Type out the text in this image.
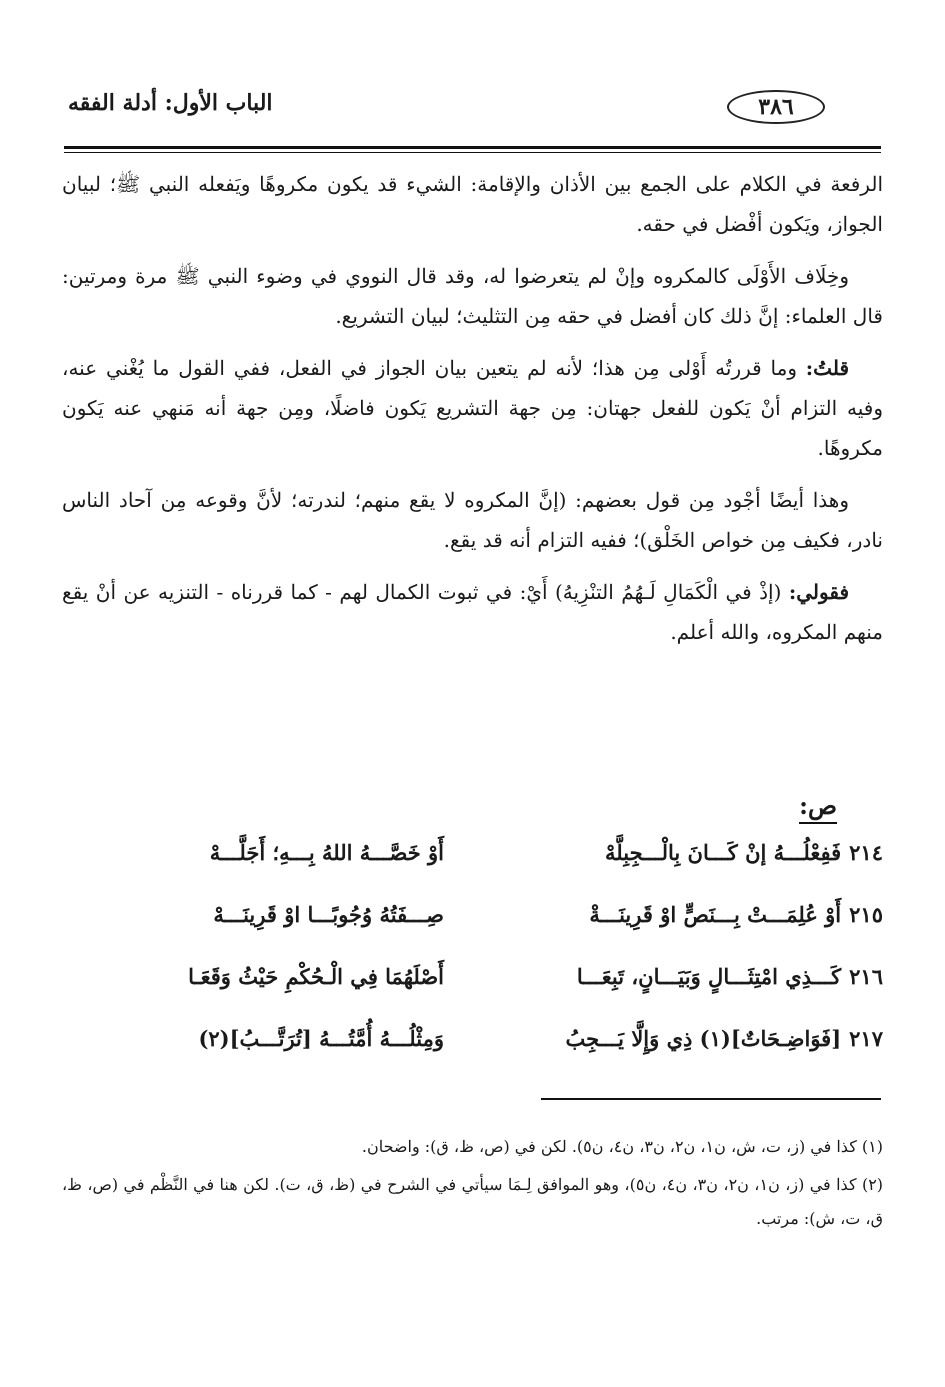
٣٨٦
الباب الأول: أدلة الفقه

الرفعة في الكلام على الجمع بين الأذان والإقامة: الشيء قد يكون مكروهًا ويَفعله النبي ﷺ؛ لبيان الجواز، ويَكون أفْضل في حقه.

وخِلَاف الأَوْلَى كالمكروه وإنْ لم يتعرضوا له، وقد قال النووي في وضوء النبي ﷺ مرة ومرتين: قال العلماء: إنَّ ذلك كان أفضل في حقه مِن التثليث؛ لبيان التشريع.

قلتُ: وما قررتُه أَوْلى مِن هذا؛ لأنه لم يتعين بيان الجواز في الفعل، ففي القول ما يُغْني عنه، وفيه التزام أنْ يَكون للفعل جهتان: مِن جهة التشريع يَكون فاضلًا، ومِن جهة أنه مَنهي عنه يَكون مكروهًا.

وهذا أيضًا أجْود مِن قول بعضهم: (إنَّ المكروه لا يقع منهم؛ لندرته؛ لأنَّ وقوعه مِن آحاد الناس نادر، فكيف مِن خواص الخَلْق)؛ ففيه التزام أنه قد يقع.

فقولي: (إذْ في الْكَمَالِ لَـهُمُ التنْزِيهُ) أَيْ: في ثبوت الكمال لهم - كما قررناه - التنزيه عن أنْ يقع منهم المكروه، والله أعلم.

ص:
٢١٤فَفِعْلُـــهُ إنْ كَـــانَ بِالْـــجِبِلَّهْ
أَوْ خَصَّـــهُ اللهُ بِـــهِ؛ أَجَلَّـــهْ
٢١٥أَوْ عُلِمَـــتْ بِـــنَصٍّ اوْ قَرِينَـــةْ
صِـــفَتُهُ وُجُوبًـــا اوْ قَرِينَـــهْ
٢١٦كَـــذِي امْتِثَـــالٍ وَبَيَـــانٍ، تَبِعَـــا
أَصْلَهُمَا فِي الْـحُكْمِ حَيْثُ وَقَعَـا
٢١٧[فَوَاضِـحَاتٌ](١) ذِي وَإِلَّا يَـــجِبُ
وَمِثْلُـــهُ أُمَّتُـــهُ [تُرَتَّـــبُ](٢)

(١) كذا في (ز، ت، ش، ن١، ن٢، ن٣، ن٤، ن٥). لكن في (ص، ظ، ق): واضحان.

(٢) كذا في (ز، ن١، ن٢، ن٣، ن٤، ن٥)، وهو الموافق لِـمَا سيأتي في الشرح في (ظ، ق، ت). لكن هنا في النَّظْم في (ص، ظ، ق، ت، ش): مرتب.
